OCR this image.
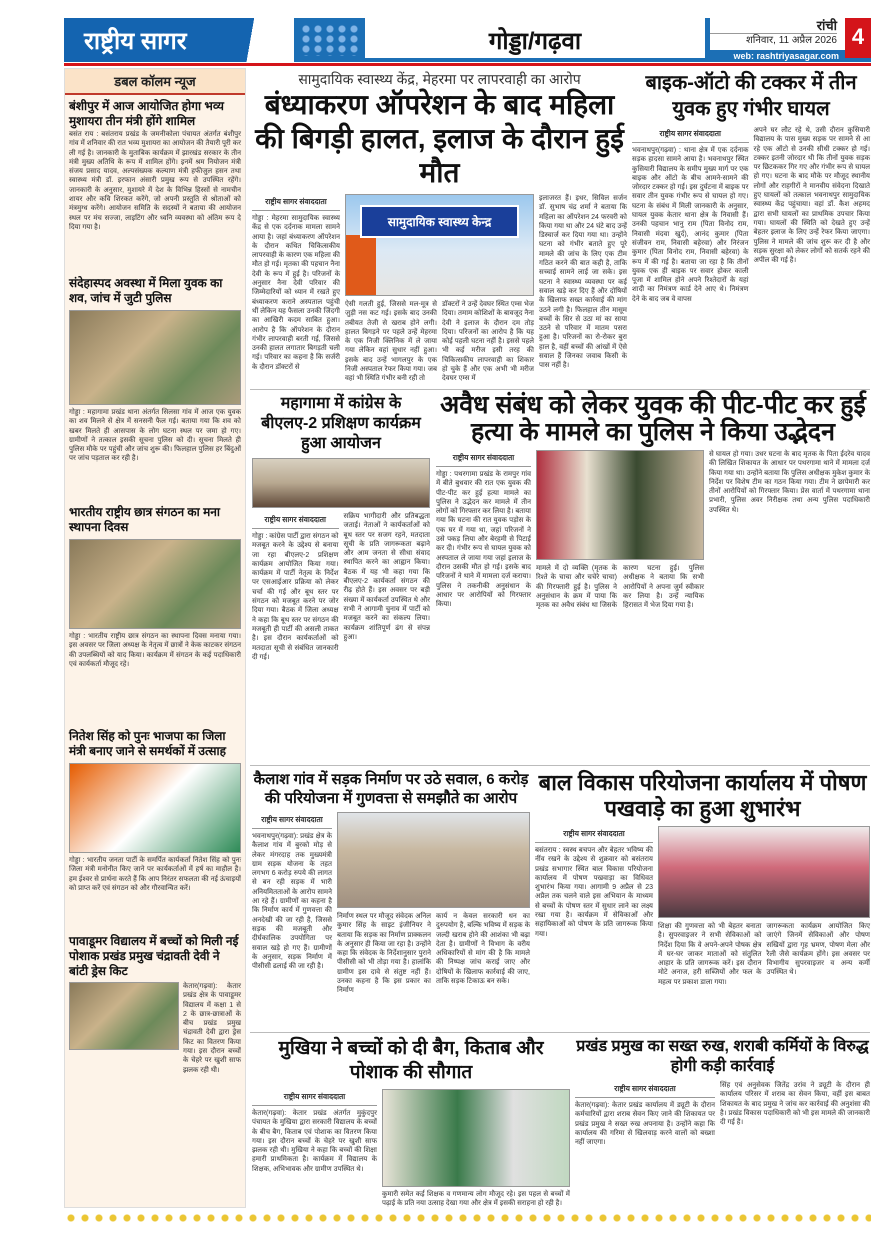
राष्ट्रीय सागर	गोड्डा/गढ़वा
रांची
शनिवार, 11 अप्रैल 2026 4
web: rashtriyasagar.com
डबल कॉलम न्यूज
बंशीपुर में आज आयोजित होगा भव्य मुशायरा तीन मंत्री होंगे शामिल
बसंत राय : बसंतराय प्रखंड के जमनीकोला पंचायत अंतर्गत बंशीपुर गांव में शनिवार की रात भव्य मुशायरा का आयोजन की तैयारी पूरी कर ली गई है। जानकारी के मुताबिक कार्यक्रम में झारखंड सरकार के तीन मंत्री मुख्य अतिथि के रूप में शामिल होंगे। इनमें श्रम नियोजन मंत्री संजय प्रसाद यादव, अल्पसंख्यक कल्याण मंत्री हफीजुल हसन तथा स्वास्थ्य मंत्री डॉ. इरफान अंसारी प्रमुख रूप से उपस्थित रहेंगे। जानकारी के अनुसार, मुशायरे में देश के विभिन्न हिस्सों से नामचीन शायर और कवि शिरकत करेंगे, जो अपनी प्रस्तुति से श्रोताओं को मंत्रमुग्ध करेंगे। आयोजन समिति के सदस्यों ने बताया की आयोजन स्थल पर मंच सज्जा, लाइटिंग और ध्वनि व्यवस्था को अंतिम रूप दे दिया गया है।
संदेहास्पद अवस्था में मिला युवक का शव, जांच में जुटी पुलिस
गोड्डा : महागामा प्रखंड थाना अंतर्गत सिलसा गांव में आज एक युवक का शव मिलने से क्षेत्र में सनसनी फैल गई। बताया गया कि शव को खबर मिलते ही आसपास के लोग घटना स्थल पर जमा हो गए। ग्रामीणों ने तत्काल इसकी सूचना पुलिस को दी। सूचना मिलते ही पुलिस मौके पर पहुंची और जांच शुरू की। फिलहाल पुलिस हर बिंदुओं पर जांच पड़ताल कर रही है।
भारतीय राष्ट्रीय छात्र संगठन का मना स्थापना दिवस
गोड्डा : भारतीय राष्ट्रीय छात्र संगठन का स्थापना दिवस मनाया गया। इस अवसर पर जिला अध्यक्ष के नेतृत्व में छात्रों ने केक काटकर संगठन की उपलब्धियों को याद किया। कार्यक्रम में संगठन के कई पदाधिकारी एवं कार्यकर्ता मौजूद रहे।
नितेश सिंह को पुनः भाजपा का जिला मंत्री बनाए जाने से समर्थकों में उत्साह
गोड्डा : भारतीय जनता पार्टी के समर्पित कार्यकर्ता नितेश सिंह को पुनः जिला मंत्री मनोनीत किए जाने पर कार्यकर्ताओं में हर्ष का माहौल है। हम ईश्वर से प्रार्थना करते हैं कि आप निरंतर सफलता की नई ऊंचाइयों को प्राप्त करें एवं संगठन को और गौरवान्वित करें।
पावाडूमर विद्यालय में बच्चों को मिली नई पोशाक प्रखंड प्रमुख चंद्रावती देवी ने बांटी ड्रेस किट
केतार(गढ़वा): केतार प्रखंड क्षेत्र के पावाडूमर विद्यालय में कक्षा 1 से 2 के छात्र-छात्राओं के बीच प्रखंड प्रमुख चंद्रावती देवी द्वारा ड्रेस किट का वितरण किया गया। इस दौरान बच्चों के चेहरे पर खुशी साफ झलक रही थी।
सामुदायिक स्वास्थ्य केंद्र, मेहरमा पर लापरवाही का आरोप
बंध्याकरण ऑपरेशन के बाद महिला की बिगड़ी हालत, इलाज के दौरान हुई मौत
राष्ट्रीय सागर संवाददाता
गोड्डा : मेहरमा सामुदायिक स्वास्थ्य केंद्र से एक दर्दनाक मामला सामने आया है। जहां बंध्याकरण ऑपरेशन के दौरान कथित चिकित्सकीय लापरवाही के कारण एक महिला की मौत हो गई। मृतका की पहचान नैना देवी के रूप में हुई है। परिजनों के अनुसार नैना देवी परिवार की जिम्मेदारियों को ध्यान में रखते हुए बंध्याकरण कराने अस्पताल पहुंची थीं लेकिन यह फैसला उनकी जिंदगी का आखिरी कदम साबित हुआ। आरोप है कि ऑपरेशन के दौरान गंभीर लापरवाही बरती गई, जिससे उनकी हालत लगातार बिगड़ती चली गई। परिवार का कहना है कि सर्जरी के दौरान डॉक्टरों से
सामुदायिक स्वास्थ्य केन्द्र
ऐसी गलती हुई, जिससे मल-मूत्र से जुड़ी नस कट गई। इसके बाद उनकी तबीयत तेजी से खराब होने लगी। हालत बिगड़ने पर पहले उन्हें मेहरमा के एक निजी क्लिनिक में ले जाया गया लेकिन वहां सुधार नहीं हुआ। इसके बाद उन्हें भागलपुर के एक निजी अस्पताल रेफर किया गया। जब वहां भी स्थिति गंभीर बनी रही तो
डॉक्टरों ने उन्हें देवघर स्थित एम्स भेज दिया। तमाम कोशिशों के बावजूद नैना देवी ने इलाज के दौरान दम तोड़ दिया। परिजनों का आरोप है कि यह कोई पहली घटना नहीं है। इससे पहले भी कई मरीज इसी तरह की चिकित्सकीय लापरवाही का शिकार हो चुके हैं और एक अभी भी मरीज देवघर एम्स में
इलाजरत हैं। इधर, सिविल सर्जन डॉ. सुभाष चंद्र शर्मा ने बताया कि महिला का ऑपरेशन 24 फरवरी को किया गया था और 24 घंटे बाद उन्हें डिस्चार्ज कर दिया गया था। उन्होंने घटना को गंभीर बताते हुए पूरे मामले की जांच के लिए एक टीम गठित करने की बात कही है, ताकि सच्चाई सामने लाई जा सके। इस घटना ने स्वास्थ्य व्यवस्था पर कई सवाल खड़े कर दिए हैं और दोषियों के खिलाफ सख्त कार्रवाई की मांग उठने लगी है। फिलहाल तीन मासूम बच्चों के सिर से उठा मां का साया उठने से परिवार में मातम पसरा हुआ है। परिजनों का रो-रोकर बुरा हाल है, वहीं बच्चों की आंखों में ऐसे सवाल हैं जिनका जवाब किसी के पास नहीं है।
बाइक-ऑटो की टक्कर में तीन युवक हुए गंभीर घायल
राष्ट्रीय सागर संवाददाता
भवनाथपुर(गढ़वा) : थाना क्षेत्र में एक दर्दनाक सड़क हादसा सामने आया है। भवनाथपुर स्थित कुसियारी विद्यालय के समीप मुख्य मार्ग पर एक बाइक और ऑटो के बीच आमने-सामने की जोरदार टक्कर हो गई। इस दुर्घटना में बाइक पर सवार तीन युवक गंभीर रूप से घायल हो गए। घटना के संबंध में मिली जानकारी के अनुसार, घायल युवक केतार थाना क्षेत्र के निवासी हैं। उनकी पहचान भानु राम (पिता विनोद राम, निवासी मंदवा खुर्द), आनंद कुमार (पिता संजीवन राम, निवासी बहेरवा) और निरंजन कुमार (पिता विनोद राम, निवासी बहेरवा) के रूप में की गई है। बताया जा रहा है कि तीनों युवक एक ही बाइक पर सवार होकर काली पूजा में शामिल होने अपने रिश्तेदारों के यहां शादी का निमंत्रण कार्ड देने आए थे। निमंत्रण देने के बाद जब वे वापस
अपने घर लौट रहे थे, उसी दौरान कुसियारी विद्यालय के पास मुख्य सड़क पर सामने से आ रहे एक ऑटो से उनकी सीधी टक्कर हो गई। टक्कर इतनी जोरदार थी कि तीनों युवक सड़क पर छिटककर गिर गए और गंभीर रूप से घायल हो गए। घटना के बाद मौके पर मौजूद स्थानीय लोगों और राहगीरों ने मानवीय संवेदना दिखाते हुए घायलों को तत्काल भवनाथपुर सामुदायिक स्वास्थ्य केंद्र पहुंचाया। वहां डॉ. कैश अहमद द्वारा सभी घायलों का प्राथमिक उपचार किया गया। घायलों की स्थिति को देखते हुए उन्हें बेहतर इलाज के लिए उन्हें रेफर किया जाएगा। पुलिस ने मामले की जांच शुरू कर दी है और सड़क सुरक्षा को लेकर लोगों को सतर्क रहने की अपील की गई है।
महागामा में कांग्रेस के बीएलए-2 प्रशिक्षण कार्यक्रम हुआ आयोजन
राष्ट्रीय सागर संवाददाता
गोड्डा : कांग्रेस पार्टी द्वारा संगठन को मजबूत करने के उद्देश्य से बनाया जा रहा बीएलए-2 प्रशिक्षण कार्यक्रम आयोजित किया गया। कार्यक्रम में पार्टी नेतृत्व के निर्देश पर एसआईआर प्रक्रिया को लेकर चर्चा की गई और बूथ स्तर पर संगठन को मजबूत करने पर जोर दिया गया। बैठक में जिला अध्यक्ष ने कहा कि बूथ स्तर पर संगठन की मजबूती ही पार्टी की असली ताकत है। इस दौरान कार्यकर्ताओं को मतदाता सूची से संबंधित जानकारी दी गई।
सक्रिय भागीदारी और प्रतिबद्धता जताई। नेताओं ने कार्यकर्ताओं को बूथ स्तर पर सजग रहने, मतदाता सूची के प्रति जागरूकता बढ़ाने और आम जनता से सीधा संवाद स्थापित करने का आह्वान किया। बैठक में यह भी कहा गया कि बीएलए-2 कार्यकर्ता संगठन की रीढ़ होते हैं। इस अवसर पर बड़ी संख्या में कार्यकर्ता उपस्थित थे और सभी ने आगामी चुनाव में पार्टी को मजबूत करने का संकल्प लिया। कार्यक्रम शांतिपूर्ण ढंग से संपन्न हुआ।
अवैध संबंध को लेकर युवक की पीट-पीट कर हुई हत्या के मामले का पुलिस ने किया उद्भेदन
राष्ट्रीय सागर संवाददाता
गोड्डा : पथरगामा प्रखंड के रामपुर गांव में बीते बुधवार की रात एक युवक की पीट-पीट कर हुई हत्या मामले का पुलिस ने उद्भेदन कर मामले में तीन लोगों को गिरफ्तार कर लिया है। बताया गया कि घटना की रात युवक पड़ोस के एक घर में गया था, जहां परिजनों ने उसे पकड़ लिया और बेरहमी से पिटाई कर दी। गंभीर रूप से घायल युवक को अस्पताल ले जाया गया जहां इलाज के दौरान उसकी मौत हो गई। इसके बाद परिजनों ने थाने में मामला दर्ज कराया। पुलिस ने तकनीकी अनुसंधान के आधार पर आरोपियों को गिरफ्तार किया।
मामले में दो व्यक्ति (मृतक के रिश्ते के चाचा और चचेरे चाचा) की गिरफ्तारी हुई है। पुलिस ने अनुसंधान के क्रम में पाया कि मृतक का अवैध संबंध था जिसके कारण घटना हुई। पुलिस अधीक्षक ने बताया कि सभी आरोपियों ने अपना जुर्म स्वीकार कर लिया है। उन्हें न्यायिक हिरासत में भेज दिया गया है।
से घायल हो गया। उधर घटना के बाद मृतक के पिता ईदरेव यादव की लिखित शिकायत के आधार पर पथरगामा थाने में मामला दर्ज किया गया था। उन्होंने बताया कि पुलिस अधीक्षक मुकेश कुमार के निर्देश पर विशेष टीम का गठन किया गया। टीम ने छापेमारी कर तीनों आरोपियों को गिरफ्तार किया। प्रेस वार्ता में पथरगामा थाना प्रभारी, पुलिस अवर निरीक्षक तथा अन्य पुलिस पदाधिकारी उपस्थित थे।
कैलाश गांव में सड़क निर्माण पर उठे सवाल, 6 करोड़ की परियोजना में गुणवत्ता से समझौते का आरोप
राष्ट्रीय सागर संवाददाता
भवनाथपुर(गढ़वा): प्रखंड क्षेत्र के कैलाश गांव में बुरको मोड़ से लेकर मंगरदाह तक मुख्यमंत्री ग्राम सड़क योजना के तहत लगभग 6 करोड़ रुपये की लागत से बन रही सड़क में भारी अनियमितताओं के आरोप सामने आ रहे हैं। ग्रामीणों का कहना है कि निर्माण कार्य में गुणवत्ता की अनदेखी की जा रही है, जिससे सड़क की मजबूती और दीर्घकालिक उपयोगिता पर सवाल खड़े हो गए हैं। ग्रामीणों के अनुसार, सड़क निर्माण में पीसीसी ढलाई की जा रही है।
निर्माण स्थल पर मौजूद संवेदक अनिल कुमार सिंह के साइट इंजीनियर ने बताया कि सड़क का निर्माण प्राक्कलन के अनुसार ही किया जा रहा है। उन्होंने कहा कि संवेदक के निर्देशानुसार पुराने पीसीसी को भी तोड़ा गया है। हालांकि ग्रामीण इस दावे से संतुष्ट नहीं हैं। उनका कहना है कि इस प्रकार का निर्माण
कार्य न केवल सरकारी धन का दुरुपयोग है, बल्कि भविष्य में सड़क के जल्दी खराब होने की आशंका भी बढ़ा देता है। ग्रामीणों ने विभाग के वरीय अधिकारियों से मांग की है कि मामले की निष्पक्ष जांच कराई जाए और दोषियों के खिलाफ कार्रवाई की जाए, ताकि सड़क टिकाऊ बन सके।
बाल विकास परियोजना कार्यालय में पोषण पखवाड़े का हुआ शुभारंभ
राष्ट्रीय सागर संवाददाता
बसंतराय : स्वस्थ बचपन और बेहतर भविष्य की नींव रखने के उद्देश्य से शुक्रवार को बसंतराय प्रखंड सभागार स्थित बाल विकास परियोजना कार्यालय में पोषण पखवाड़ा का विधिवत शुभारंभ किया गया। आगामी 9 अप्रैल से 23 अप्रैल तक चलने वाले इस अभियान के माध्यम से बच्चों के पोषण स्तर में सुधार लाने का लक्ष्य रखा गया है। कार्यक्रम में सेविकाओं और सहायिकाओं को पोषण के प्रति जागरूक किया गया।
शिक्षा की गुणवत्ता को भी बेहतर बनाता है। सुपरवाइजर ने सभी सेविकाओं को निर्देश दिया कि वे अपने-अपने पोषक क्षेत्र में घर-घर जाकर माताओं को संतुलित आहार के प्रति जागरूक करें। इस दौरान मोटे अनाज, हरी सब्जियों और फल के महत्व पर प्रकाश डाला गया।
जागरूकता कार्यक्रम आयोजित किए जाएंगे जिनमें सेविकाओं और पोषण सखियों द्वारा गृह भ्रमण, पोषण मेला और रैली जैसे कार्यक्रम होंगे। इस अवसर पर विभागीय सुपरवाइजर व अन्य कर्मी उपस्थित थे।
मुखिया ने बच्चों को दी बैग, किताब और पोशाक की सौगात
राष्ट्रीय सागर संवाददाता
केतार(गढ़वा): केतार प्रखंड अंतर्गत मुकुंदपुर पंचायत के मुखिया द्वारा सरकारी विद्यालय के बच्चों के बीच बैग, किताब एवं पोशाक का वितरण किया गया। इस दौरान बच्चों के चेहरे पर खुशी साफ झलक रही थी। मुखिया ने कहा कि बच्चों की शिक्षा हमारी प्राथमिकता है। कार्यक्रम में विद्यालय के शिक्षक, अभिभावक और ग्रामीण उपस्थित थे।
कुमारी समेत कई शिक्षक व गणमान्य लोग मौजूद रहे। इस पहल से बच्चों में पढ़ाई के प्रति नया उत्साह देखा गया और क्षेत्र में इसकी सराहना हो रही है।
प्रखंड प्रमुख का सख्त रुख, शराबी कर्मियों के विरुद्ध होगी कड़ी कार्रवाई
राष्ट्रीय सागर संवाददाता
केतार(गढ़वा): केतार प्रखंड कार्यालय में ड्यूटी के दौरान कर्मचारियों द्वारा शराब सेवन किए जाने की शिकायत पर प्रखंड प्रमुख ने सख्त रुख अपनाया है। उन्होंने कहा कि कार्यालय की गरिमा से खिलवाड़ करने वालों को बख्शा नहीं जाएगा।
सिंह एवं अनुसेवक जितेंद्र उरांव ने ड्यूटी के दौरान ही कार्यालय परिसर में शराब का सेवन किया, वहीं इस बाबत शिकायत के बाद प्रमुख ने जांच कर कार्रवाई की अनुशंसा की है। प्रखंड विकास पदाधिकारी को भी इस मामले की जानकारी दी गई है।
